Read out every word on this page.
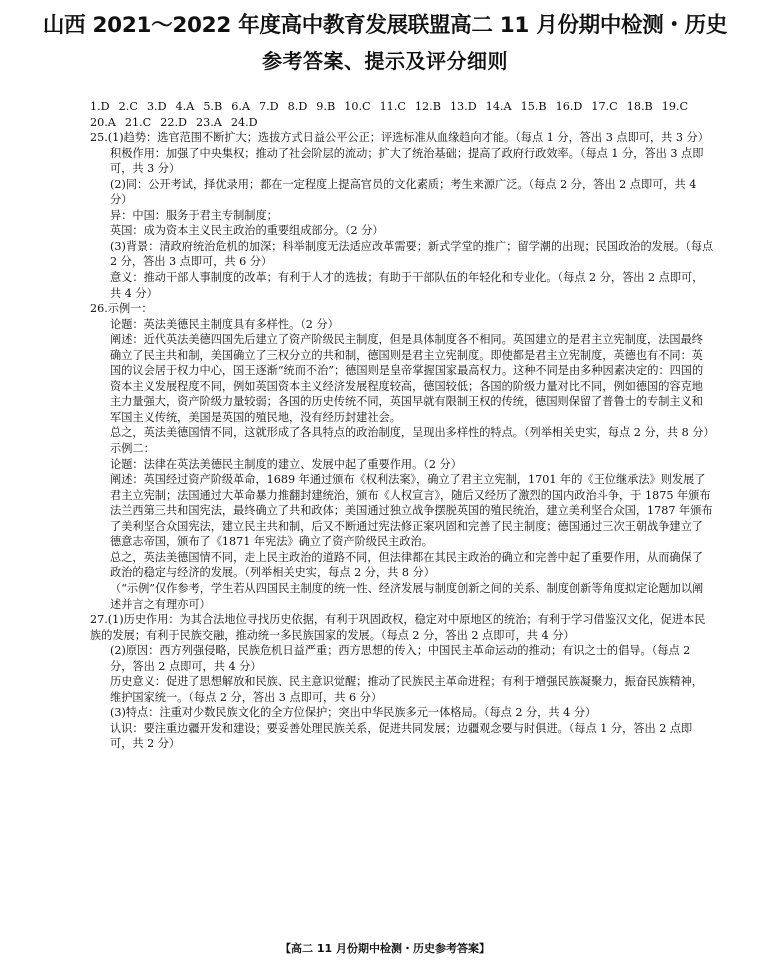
山西 2021～2022 年度高中教育发展联盟高二 11 月份期中检测・历史
参考答案、提示及评分细则
1.D 2.C 3.D 4.A 5.B 6.A 7.D 8.D 9.B 10.C 11.C 12.B 13.D 14.A 15.B 16.D 17.C 18.B 19.C
20.A 21.C 22.D 23.A 24.D

25.(1)趋势：选官范围不断扩大；选拔方式日益公平公正；评选标准从血缘趋向才能。（每点 1 分，答出 3 点即可，共 3 分）

积极作用：加强了中央集权；推动了社会阶层的流动；扩大了统治基础；提高了政府行政效率。（每点 1 分，答出 3 点即可，共 3 分）

(2)同：公开考试，择优录用；都在一定程度上提高官员的文化素质；考生来源广泛。（每点 2 分，答出 2 点即可，共 4 分）

异：中国：服务于君主专制制度；

英国：成为资本主义民主政治的重要组成部分。（2 分）

(3)背景：清政府统治危机的加深；科举制度无法适应改革需要；新式学堂的推广；留学潮的出现；民国政治的发展。（每点 2 分，答出 3 点即可，共 6 分）

意义：推动干部人事制度的改革；有利于人才的选拔；有助于干部队伍的年轻化和专业化。（每点 2 分，答出 2 点即可，共 4 分）

26.示例一：

论题：英法美德民主制度具有多样性。（2 分）

阐述：近代英法美德四国先后建立了资产阶级民主制度，但是具体制度各不相同。英国建立的是君主立宪制度，法国最终确立了民主共和制，美国确立了三权分立的共和制，德国则是君主立宪制度。即使都是君主立宪制度，英德也有不同：英国的议会居于权力中心，国王逐渐“统而不治”；德国则是皇帝掌握国家最高权力。这种不同是由多种因素决定的：四国的资本主义发展程度不同，例如英国资本主义经济发展程度较高，德国较低；各国的阶级力量对比不同，例如德国的容克地主力量强大，资产阶级力量较弱；各国的历史传统不同，英国早就有限制王权的传统，德国则保留了普鲁士的专制主义和军国主义传统，美国是英国的殖民地，没有经历封建社会。

总之，英法美德国情不同，这就形成了各具特点的政治制度，呈现出多样性的特点。（列举相关史实，每点 2 分，共 8 分）

示例二：

论题：法律在英法美德民主制度的建立、发展中起了重要作用。（2 分）

阐述：英国经过资产阶级革命，1689 年通过颁布《权利法案》，确立了君主立宪制，1701 年的《王位继承法》则发展了君主立宪制；法国通过大革命暴力推翻封建统治，颁布《人权宣言》，随后又经历了激烈的国内政治斗争，于 1875 年颁布法兰西第三共和国宪法，最终确立了共和政体；美国通过独立战争摆脱英国的殖民统治，建立美利坚合众国，1787 年颁布了美利坚合众国宪法，建立民主共和制，后又不断通过宪法修正案巩固和完善了民主制度；德国通过三次王朝战争建立了德意志帝国，颁布了《1871 年宪法》确立了资产阶级民主政治。

总之，英法美德国情不同，走上民主政治的道路不同，但法律都在其民主政治的确立和完善中起了重要作用，从而确保了政治的稳定与经济的发展。（列举相关史实，每点 2 分，共 8 分）

（“示例”仅作参考，学生若从四国民主制度的统一性、经济发展与制度创新之间的关系、制度创新等角度拟定论题加以阐述并言之有理亦可）

27.(1)历史作用：为其合法地位寻找历史依据，有利于巩固政权，稳定对中原地区的统治；有利于学习借鉴汉文化，促进本民族的发展；有利于民族交融，推动统一多民族国家的发展。（每点 2 分，答出 2 点即可，共 4 分）

(2)原因：西方列强侵略，民族危机日益严重；西方思想的传入；中国民主革命运动的推动；有识之士的倡导。（每点 2 分，答出 2 点即可，共 4 分）

历史意义：促进了思想解放和民族、民主意识觉醒；推动了民族民主革命进程；有利于增强民族凝聚力，振奋民族精神，维护国家统一。（每点 2 分，答出 3 点即可，共 6 分）

(3)特点：注重对少数民族文化的全方位保护；突出中华民族多元一体格局。（每点 2 分，共 4 分）

认识：要注重边疆开发和建设；要妥善处理民族关系，促进共同发展；边疆观念要与时俱进。（每点 1 分，答出 2 点即可，共 2 分）

【高二 11 月份期中检测・历史参考答案】
